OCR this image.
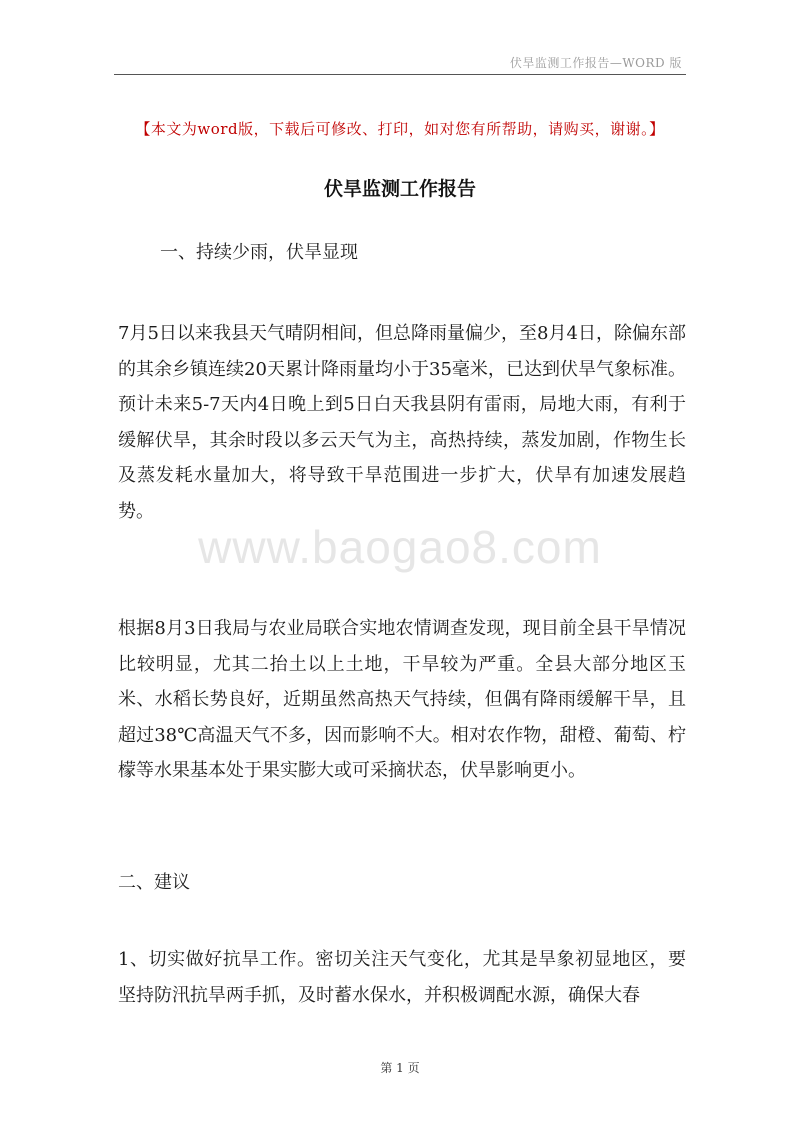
伏旱监测工作报告—WORD 版
【本文为word版，下载后可修改、打印，如对您有所帮助，请购买，谢谢。】
伏旱监测工作报告
一、持续少雨，伏旱显现
7月5日以来我县天气晴阴相间，但总降雨量偏少，至8月4日，除偏东部的其余乡镇连续20天累计降雨量均小于35毫米，已达到伏旱气象标准。预计未来5-7天内4日晚上到5日白天我县阴有雷雨，局地大雨，有利于缓解伏旱，其余时段以多云天气为主，高热持续，蒸发加剧，作物生长及蒸发耗水量加大，将导致干旱范围进一步扩大，伏旱有加速发展趋势。
www.baogao8.com
根据8月3日我局与农业局联合实地农情调查发现，现目前全县干旱情况比较明显，尤其二抬土以上土地，干旱较为严重。全县大部分地区玉米、水稻长势良好，近期虽然高热天气持续，但偶有降雨缓解干旱，且超过38℃高温天气不多，因而影响不大。相对农作物，甜橙、葡萄、柠檬等水果基本处于果实膨大或可采摘状态，伏旱影响更小。
二、建议
1、切实做好抗旱工作。密切关注天气变化，尤其是旱象初显地区，要坚持防汛抗旱两手抓，及时蓄水保水，并积极调配水源，确保大春
第 1 页
